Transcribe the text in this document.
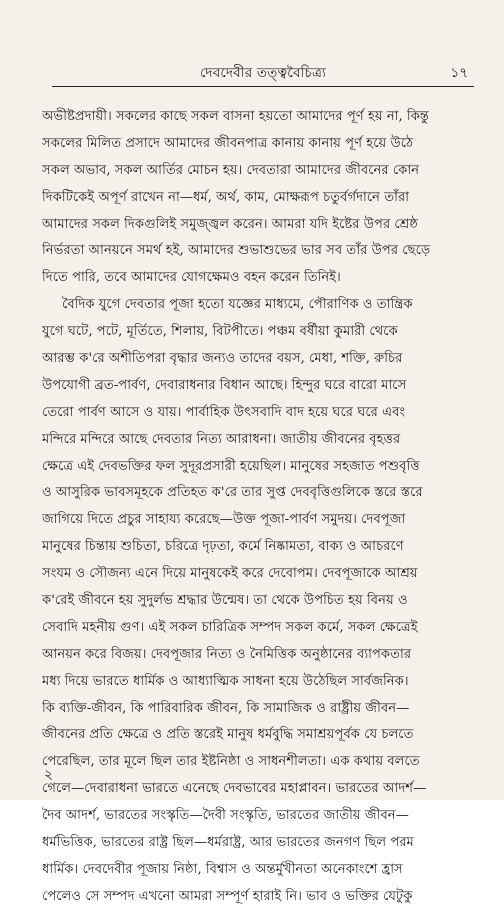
দেবদেবীর তত্ত্ববৈচিত্র্য	১৭
অভীষ্টপ্রদায়ী। সকলের কাছে সকল বাসনা হয়তো আমাদের পূর্ণ হয় না, কিন্তু
সকলের মিলিত প্রসাদে আমাদের জীবনপাত্র কানায় কানায় পূর্ণ হয়ে উঠে
সকল অভাব, সকল আর্তির মোচন হয়। দেবতারা আমাদের জীবনের কোন
দিকটিকেই অপূর্ণ রাখেন না—ধর্ম, অর্থ, কাম, মোক্ষরূপ চতুর্বর্গদানে তাঁরা
আমাদের সকল দিকগুলিই সমুজ্জ্বল করেন। আমরা যদি ইষ্টের উপর শ্রেষ্ঠ
নির্ভরতা আনয়নে সমর্থ হই, আমাদের শুভাশুভের ভার সব তাঁর উপর ছেড়ে
দিতে পারি, তবে আমাদের যোগক্ষেমও বহন করেন তিনিই।
বৈদিক যুগে দেবতার পূজা হতো যজ্ঞের মাধ্যমে, পৌরাণিক ও তান্ত্রিক
যুগে ঘটে, পটে, মূর্তিতে, শিলায়, বিটপীতে। পঞ্চম বর্ষীয়া কুমারী থেকে
আরম্ভ ক'রে অশীতিপরা বৃদ্ধার জন্যও তাদের বয়স, মেধা, শক্তি, রুচির
উপযোগী ব্রত-পার্বণ, দেবারাধনার বিধান আছে। হিন্দুর ঘরে বারো মাসে
তেরো পার্বণ আসে ও যায়। পার্বাহিক উৎসবাদি বাদ হয়ে ঘরে ঘরে এবং
মন্দিরে মন্দিরে আছে দেবতার নিত্য আরাধনা। জাতীয় জীবনের বৃহত্তর
ক্ষেত্রে এই দেবভক্তির ফল সুদূরপ্রসারী হয়েছিল। মানুষের সহজাত পশুবৃত্তি
ও আসুরিক ভাবসমূহকে প্রতিহত ক'রে তার সুপ্ত দেববৃত্তিগুলিকে স্তরে স্তরে
জাগিয়ে দিতে প্রচুর সাহায্য করেছে—উক্ত পূজা-পার্বণ সমুদয়। দেবপূজা
মানুষের চিন্তায় শুচিতা, চরিত্রে দৃঢ়তা, কর্মে নিষ্কামতা, বাক্য ও আচরণে
সংযম ও সৌজন্য এনে দিয়ে মানুষকেই করে দেবোপম। দেবপূজাকে আশ্রয়
ক'রেই জীবনে হয় সুদুর্লভ শ্রদ্ধার উন্মেষ। তা থেকে উপচিত হয় বিনয় ও
সেবাদি মহনীয় গুণ। এই সকল চারিত্রিক সম্পদ সকল কর্মে, সকল ক্ষেত্রেই
আনয়ন করে বিজয়। দেবপূজার নিত্য ও নৈমিত্তিক অনুষ্ঠানের ব্যাপকতার
মধ্য দিয়ে ভারতে ধার্মিক ও আধ্যাত্মিক সাধনা হয়ে উঠেছিল সার্বজনিক।
কি ব্যক্তি-জীবন, কি পারিবারিক জীবন, কি সামাজিক ও রাষ্ট্রীয় জীবন—
জীবনের প্রতি ক্ষেত্রে ও প্রতি স্তরেই মানুষ ধর্মবুদ্ধি সমাশ্রয়পূর্বক যে চলতে
পেরেছিল, তার মূলে ছিল তার ইষ্টনিষ্ঠা ও সাধনশীলতা। এক কথায় বলতে
গেলে—দেবারাধনা ভারতে এনেছে দেবভাবের মহাপ্লাবন। ভারতের আদর্শ—
দৈব আদর্শ, ভারতের সংস্কৃতি—দৈবী সংস্কৃতি, ভারতের জাতীয় জীবন—
ধর্মভিত্তিক, ভারতের রাষ্ট্র ছিল—ধর্মরাষ্ট্র, আর ভারতের জনগণ ছিল পরম
ধার্মিক। দেবদেবীর পূজায় নিষ্ঠা, বিশ্বাস ও অন্তর্মুখীনতা অনেকাংশে হ্রাস
পেলেও সে সম্পদ এখনো আমরা সম্পূর্ণ হারাই নি। ভাব ও ভক্তির যেটুকু
২
